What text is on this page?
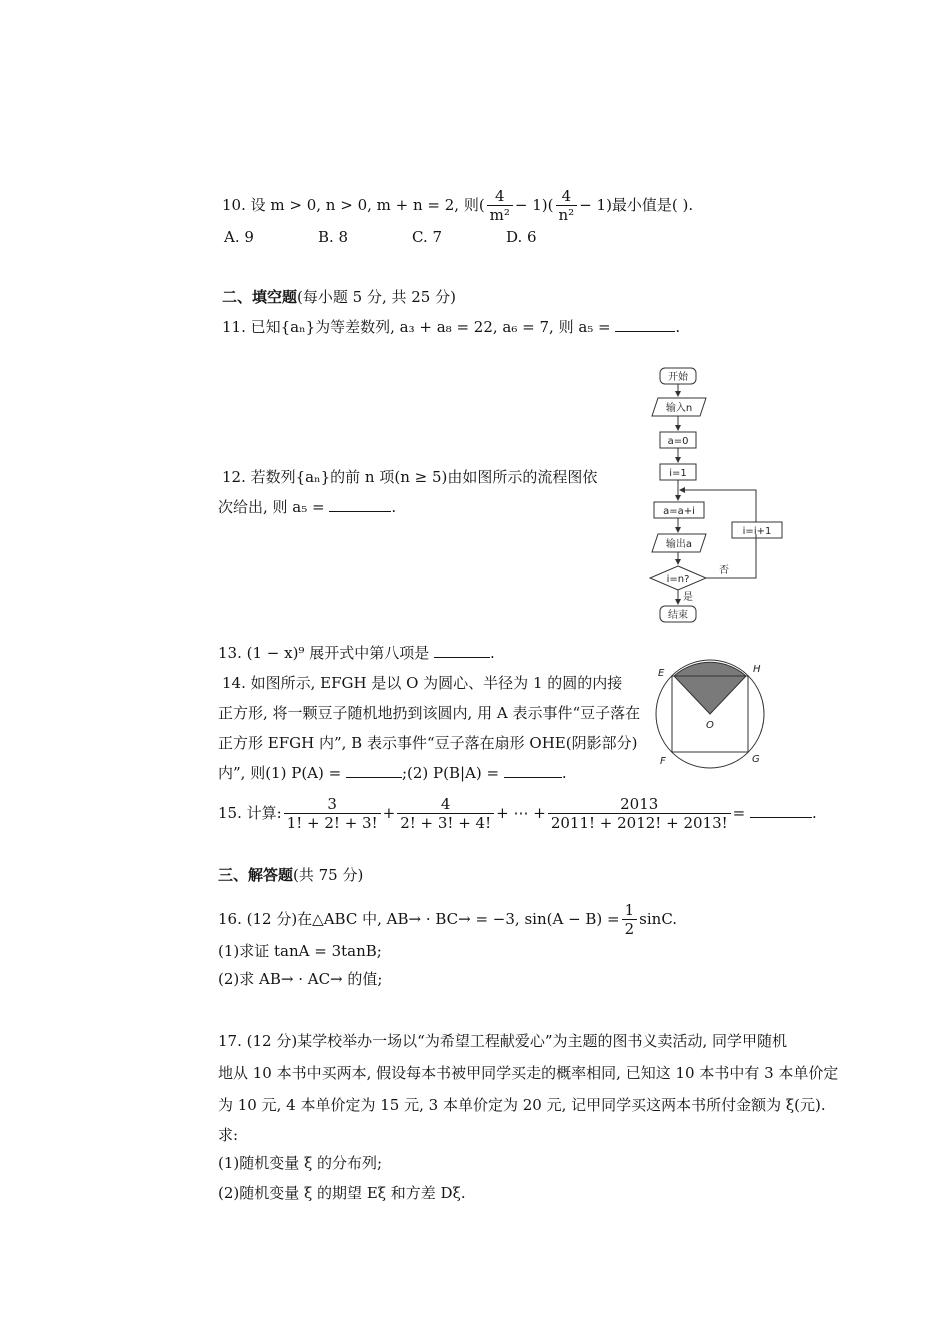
10. 设 m > 0, n > 0, m + n = 2, 则( $\frac{4}{\text{m²}} - 1)( \frac{4}{\text{n²}} - 1)$最小值是( ).
A. 9	B. 8	C. 7	D. 6
二、填空题(每小题 5 分, 共 25 分)
11. 已知{aₙ}为等差数列, a₃ + a₈ = 22, a₆ = 7, 则 a₅ =	.
12. 若数列{aₙ}的前 n 项(n ≥ 5)由如图所示的流程图依
次给出, 则 a₅ =	.
开始
输入n
a=0
i=1
a=a+i
输出a
i=n?
i=i+1
否
是
结束
13. (1 − x)⁹ 展开式中第八项是	.
14. 如图所示, EFGH 是以 O 为圆心、半径为 1 的圆的内接
正方形, 将一颗豆子随机地扔到该圆内, 用 A 表示事件“豆子落在
正方形 EFGH 内”, B 表示事件“豆子落在扇形 OHE(阴影部分)
内”, 则(1) P(A) =	;(2) P(B|A) =	.
E	H
O
F	G
15. 计算: $\frac{3}{1! + 2! + 3!} + \frac{4}{2! + 3! + 4!}$ + ⋯ + $\frac{2013}{2011! + 2012! + 2013!}$ =	.
三、解答题(共 75 分)
16. (12 分)在△ABC 中, AB→ · BC→ = −3, $\sin(A - B) = \frac{1}{2} \sin C$.
(1)求证 tanA = 3tanB;
(2)求 AB→ · AC→ 的值;
17. (12 分)某学校举办一场以“为希望工程献爱心”为主题的图书义卖活动, 同学甲随机
地从 10 本书中买两本, 假设每本书被甲同学买走的概率相同, 已知这 10 本书中有 3 本单价定
为 10 元, 4 本单价定为 15 元, 3 本单价定为 20 元, 记甲同学买这两本书所付金额为 ξ(元).
求:
(1)随机变量 ξ 的分布列;
(2)随机变量 ξ 的期望 Eξ 和方差 Dξ.
